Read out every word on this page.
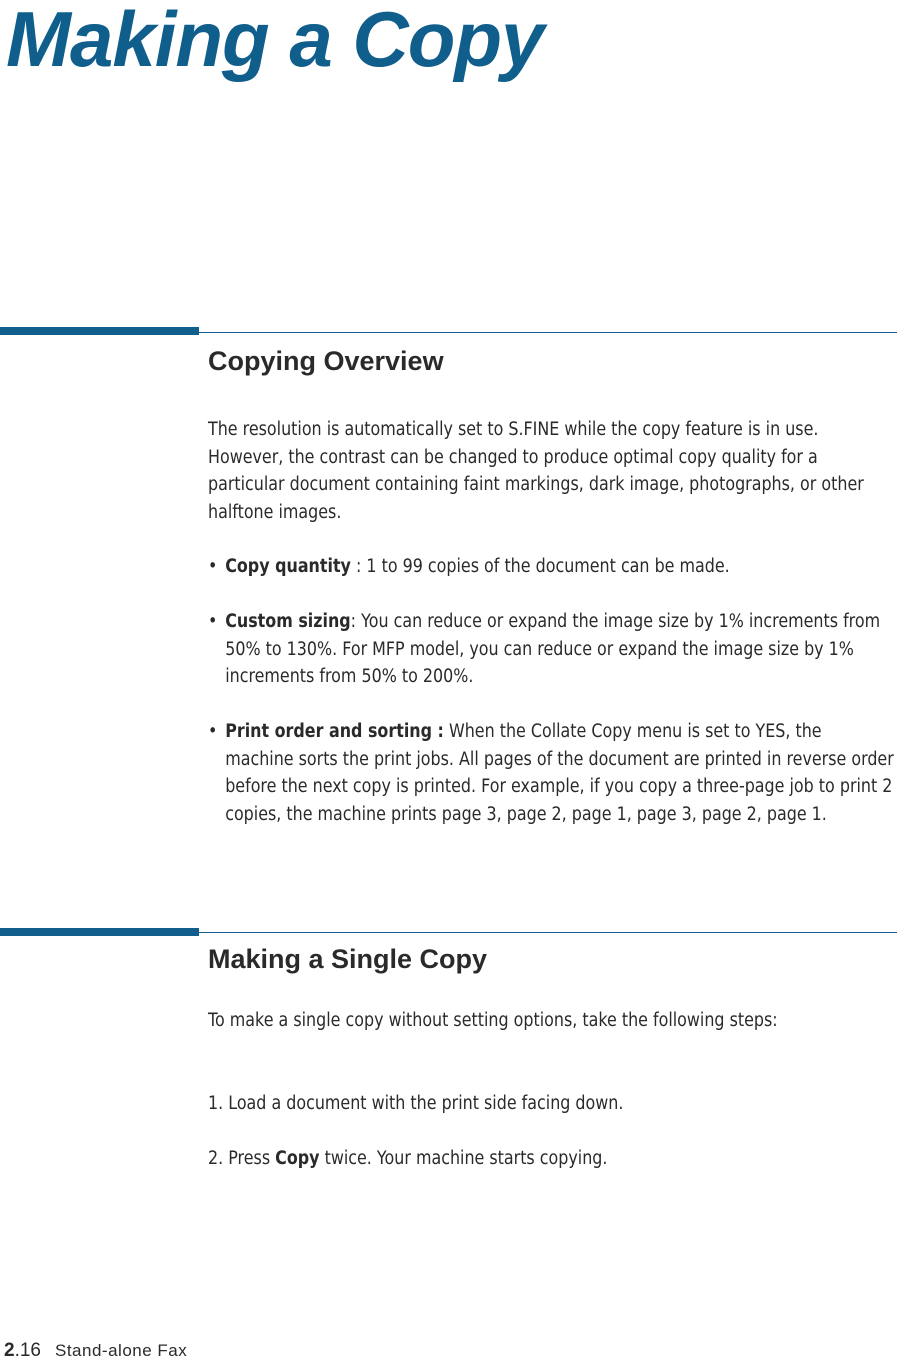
Making a Copy
Copying Overview
The resolution is automatically set to S.FINE while the copy feature is in use. However, the contrast can be changed to produce optimal copy quality for a particular document containing faint markings, dark image, photographs, or other halftone images.
• Copy quantity : 1 to 99 copies of the document can be made.
• Custom sizing: You can reduce or expand the image size by 1% increments from 50% to 130%. For MFP model, you can reduce or expand the image size by 1% increments from 50% to 200%.
• Print order and sorting : When the Collate Copy menu is set to YES, the machine sorts the print jobs. All pages of the document are printed in reverse order before the next copy is printed. For example, if you copy a three-page job to print 2 copies, the machine prints page 3, page 2, page 1, page 3, page 2, page 1.
Making a Single Copy
To make a single copy without setting options, take the following steps:
1. Load a document with the print side facing down.
2. Press Copy twice. Your machine starts copying.
2.16 Stand-alone Fax
